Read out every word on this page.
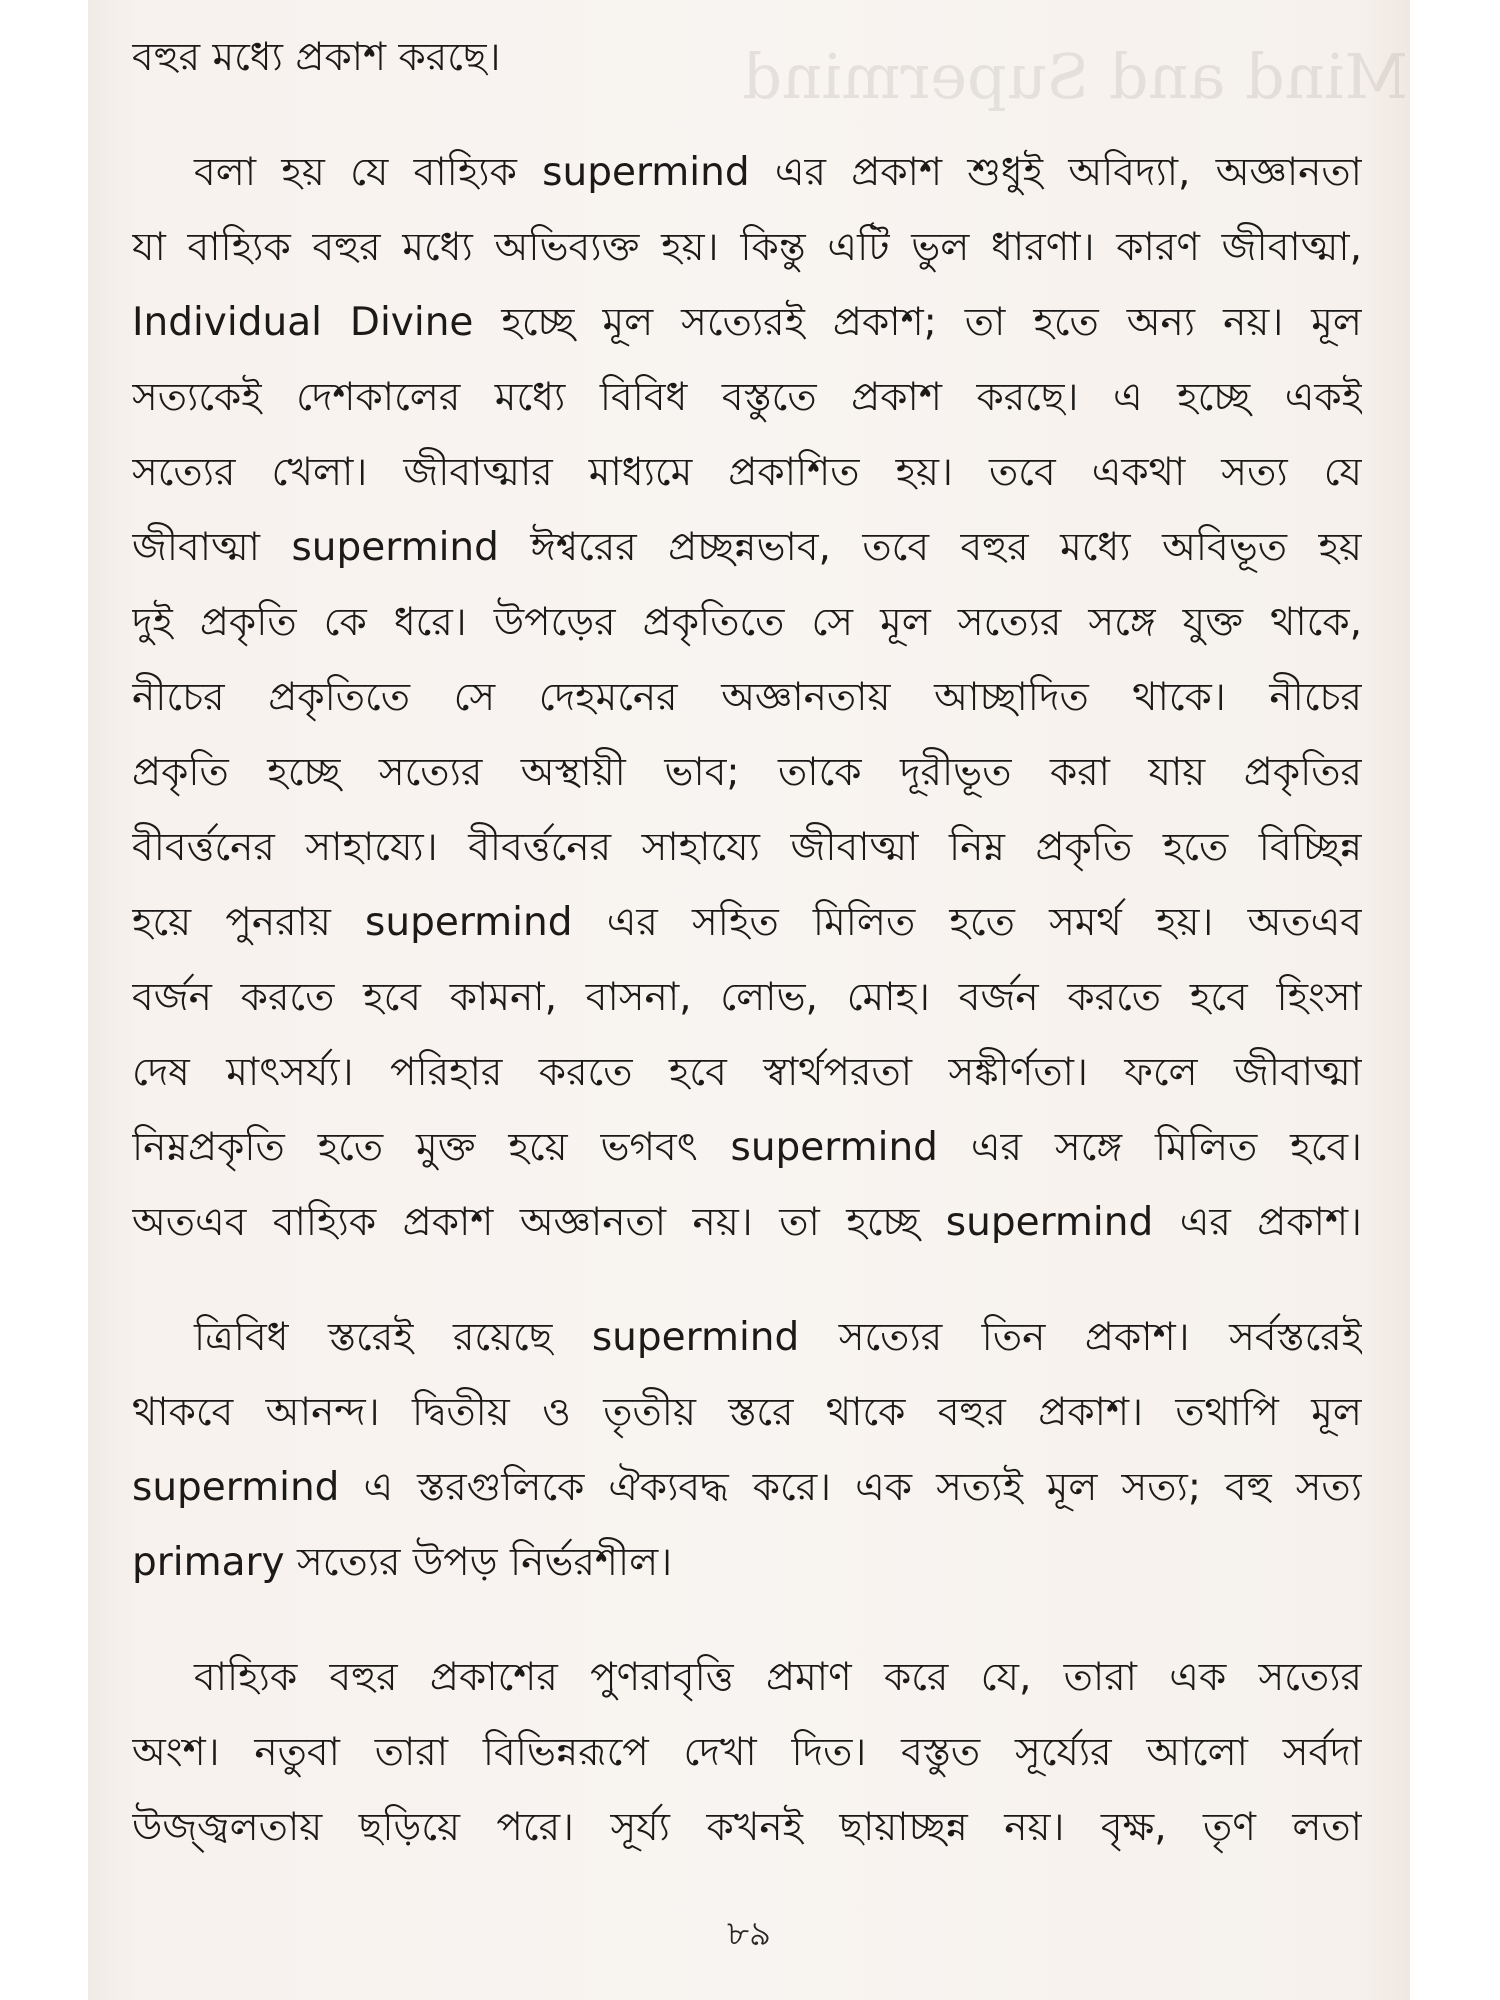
Mind and Supermind
বহুর মধ্যে প্রকাশ করছে।
বলা হয় যে বাহ্যিক supermind এর প্রকাশ শুধুই অবিদ্যা, অজ্ঞানতা
যা বাহ্যিক বহুর মধ্যে অভিব্যক্ত হয়। কিন্তু এটি ভুল ধারণা। কারণ জীবাত্মা,
Individual Divine হচ্ছে মূল সত্যেরই প্রকাশ; তা হতে অন্য নয়। মূল
সত্যকেই দেশকালের মধ্যে বিবিধ বস্তুতে প্রকাশ করছে। এ হচ্ছে একই
সত্যের খেলা। জীবাত্মার মাধ্যমে প্রকাশিত হয়। তবে একথা সত্য যে
জীবাত্মা supermind ঈশ্বরের প্রচ্ছন্নভাব, তবে বহুর মধ্যে অবিভূত হয়
দুই প্রকৃতি কে ধরে। উপড়ের প্রকৃতিতে সে মূল সত্যের সঙ্গে যুক্ত থাকে,
নীচের প্রকৃতিতে সে দেহমনের অজ্ঞানতায় আচ্ছাদিত থাকে। নীচের
প্রকৃতি হচ্ছে সত্যের অস্থায়ী ভাব; তাকে দূরীভূত করা যায় প্রকৃতির
বীবর্ত্তনের সাহায্যে। বীবর্ত্তনের সাহায্যে জীবাত্মা নিম্ন প্রকৃতি হতে বিচ্ছিন্ন
হয়ে পুনরায় supermind এর সহিত মিলিত হতে সমর্থ হয়। অতএব
বর্জন করতে হবে কামনা, বাসনা, লোভ, মোহ। বর্জন করতে হবে হিংসা
দেষ মাৎসর্য্য। পরিহার করতে হবে স্বার্থপরতা সঙ্কীর্ণতা। ফলে জীবাত্মা
নিম্নপ্রকৃতি হতে মুক্ত হয়ে ভগবৎ supermind এর সঙ্গে মিলিত হবে।
অতএব বাহ্যিক প্রকাশ অজ্ঞানতা নয়। তা হচ্ছে supermind এর প্রকাশ।
ত্রিবিধ স্তরেই রয়েছে supermind সত্যের তিন প্রকাশ। সর্বস্তরেই
থাকবে আনন্দ। দ্বিতীয় ও তৃতীয় স্তরে থাকে বহুর প্রকাশ। তথাপি মূল
supermind এ স্তরগুলিকে ঐক্যবদ্ধ করে। এক সত্যই মূল সত্য; বহু সত্য
primary সত্যের উপড় নির্ভরশীল।
বাহ্যিক বহুর প্রকাশের পুণরাবৃত্তি প্রমাণ করে যে, তারা এক সত্যের
অংশ। নতুবা তারা বিভিন্নরূপে দেখা দিত। বস্তুত সূর্য্যের আলো সর্বদা
উজ্জ্বলতায় ছড়িয়ে পরে। সূর্য্য কখনই ছায়াচ্ছন্ন নয়। বৃক্ষ, তৃণ লতা
৮৯
